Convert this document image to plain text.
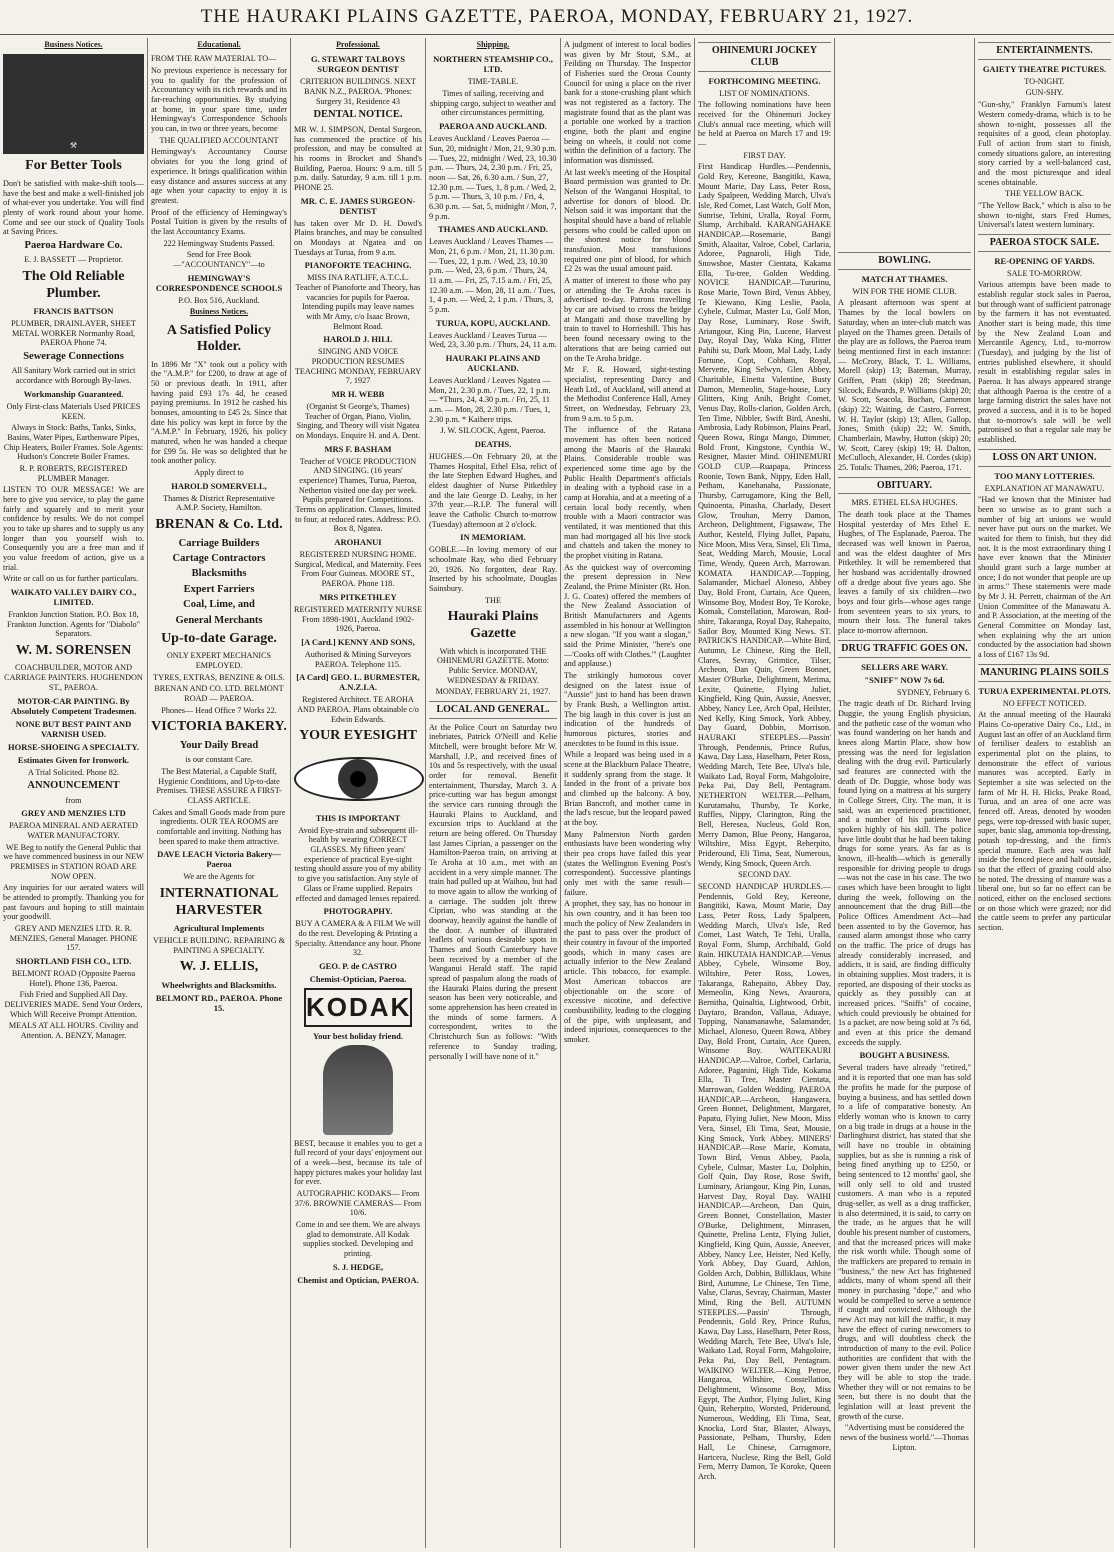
THE HAURAKI PLAINS GAZETTE, PAEROA, MONDAY, FEBRUARY 21, 1927.
Business Notices.
⚒
For Better Tools

Don't be satisfied with make-shift tools—have the best and make a well-finished job of what-ever you undertake. You will find plenty of work round about your home. Come and see our stock of Quality Tools at Saving Prices.

Paeroa Hardware Co.

E. J. BASSETT — Proprietor.

The Old Reliable Plumber.
FRANCIS BATTSON

PLUMBER, DRAINLAYER, SHEET METAL WORKER Normanby Road, PAEROA Phone 74.

Sewerage Connections

All Sanitary Work carried out in strict accordance with Borough By-laws.

Workmanship Guaranteed.

Only First-class Materials Used PRICES KEEN.

Always in Stock: Baths, Tanks, Sinks, Basins, Water Pipes, Earthenware Pipes, Chip Heaters, Boiler Frames. Sole Agents: Hudson's Concrete Boiler Frames.

R. P. ROBERTS, REGISTERED PLUMBER Manager.

LISTEN TO OUR MESSAGE! We are here to give you service, to play the game fairly and squarely and to merit your confidence by results. We do not compel you to take up shares and to supply us any longer than you yourself wish to. Consequently you are a free man and if you value freedom of action, give us a trial.

Write or call on us for further particulars.

WAIKATO VALLEY DAIRY CO., LIMITED.

Frankton Junction Station. P.O. Box 18, Frankton Junction. Agents for "Diabolo" Separators.

W. M. SORENSEN

COACHBUILDER, MOTOR AND CARRIAGE PAINTERS. HUGHENDON ST., PAEROA.

MOTOR-CAR PAINTING. By Absolutely Competent Tradesmen.
NONE BUT BEST PAINT AND VARNISH USED.
HORSE-SHOEING A SPECIALTY.
Estimates Given for Ironwork.

A Trial Solicited. Phone 82.

ANNOUNCEMENT

from

GREY AND MENZIES LTD

PAEROA MINERAL AND AERATED WATER MANUFACTORY.

WE Beg to notify the General Public that we have commenced business in our NEW PREMISES in STATION ROAD ARE NOW OPEN.

Any inquiries for our aerated waters will be attended to promptly. Thanking you for past favours and hoping to still maintain your goodwill.

GREY AND MENZIES LTD. R. R. MENZIES, General Manager. PHONE 157.

SHORTLAND FISH CO., LTD.

BELMONT ROAD (Opposite Paeroa Hotel). Phone 136, Paeroa.

Fish Fried and Supplied All Day. DELIVERIES MADE. Send Your Orders, Which Will Receive Prompt Attention.

MEALS AT ALL HOURS. Civility and Attention. A. BENZY, Manager.

Educational.

FROM THE RAW MATERIAL TO—

No previous experience is necessary for you to qualify for the profession of Accountancy with its rich rewards and its far-reaching opportunities. By studying at home, in your spare time, under Hemingway's Correspondence Schools you can, in two or three years, become

THE QUALIFIED ACCOUNTANT

Hemingway's Accountancy Course obviates for you the long grind of experience. It brings qualification within easy distance and assures success at any age when your capacity to enjoy it is greatest.

Proof of the efficiency of Hemingway's Postal Tuition is given by the results of the last Accountancy Exams.

222 Hemingway Students Passed.

Send for Free Book—"ACCOUNTANCY"—to

HEMINGWAY'S CORRESPONDENCE SCHOOLS

P.O. Box 516, Auckland.

Business Notices.
A Satisfied Policy Holder.

In 1896 Mr "X" took out a policy with the "A.M.P." for £200, to draw at age of 50 or previous death. In 1911, after having paid £93 17s 4d, he ceased paying premiums. In 1912 he cashed his bonuses, amounting to £45 2s. Since that date his policy was kept in force by the "A.M.P." In February, 1926, his policy matured, when he was handed a cheque for £99 5s. He was so delighted that he took another policy.

Apply direct to

HAROLD SOMERVELL,

Thames & District Representative A.M.P. Society, Hamilton.

BRENAN & Co. Ltd.
Carriage Builders
Cartage Contractors
Blacksmiths
Expert Farriers
Coal, Lime, and
General Merchants
Up-to-date Garage.

ONLY EXPERT MECHANICS EMPLOYED.

TYRES, EXTRAS, BENZINE & OILS.

BRENAN AND CO. LTD. BELMONT ROAD — PAEROA.

Phones— Head Office 7 Works 22.

VICTORIA BAKERY.
Your Daily Bread

is our constant Care.

The Best Material, a Capable Staff, Hygienic Conditions, and Up-to-date Premises. THESE ASSURE A FIRST-CLASS ARTICLE.

Cakes and Small Goods made from pure ingredients. OUR TEA ROOMS are comfortable and inviting. Nothing has been spared to make them attractive.

DAVE LEACH Victoria Bakery—Paeroa

We are the Agents for

INTERNATIONAL HARVESTER
Agricultural Implements

VEHICLE BUILDING. REPAIRING & PAINTING A SPECIALTY.

W. J. ELLIS,
Wheelwrights and Blacksmiths.
BELMONT RD., PAEROA. Phone 15.
Professional.
G. STEWART TALBOYS SURGEON DENTIST

CRITERION BUILDINGS. NEXT BANK N.Z., PAEROA. 'Phones: Surgery 31, Residence 43

DENTAL NOTICE.

MR W. J. SIMPSON, Dental Surgeon, has commenced the practice of his profession, and may be consulted at his rooms in Brocket and Shand's Building, Paeroa. Hours: 9 a.m. till 5 p.m. daily. Saturday, 9 a.m. till 1 p.m. PHONE 25.

MR. C. E. JAMES SURGEON-DENTIST

has taken over Mr D. H. Dowd's Plains branches, and may be consulted on Mondays at Ngatea and on Tuesdays at Turua, from 9 a.m.

PIANOFORTE TEACHING.

MISS INA RATLIFF, A.T.C.L. Teacher of Pianoforte and Theory, has vacancies for pupils for Paeroa. Intending pupils may leave names with Mr Amy, c/o Isaac Brown, Belmont Road.

HAROLD J. HILL

SINGING AND VOICE PRODUCTION RESUMES TEACHING MONDAY, FEBRUARY 7, 1927

MR H. WEBB

(Organist St George's, Thames) Teacher of Organ, Piano, Violin, Singing, and Theory will visit Ngatea on Mondays. Enquire H. and A. Dent.

MRS F. BASHAM

Teacher of VOICE PRODUCTION AND SINGING. (16 years' experience) Thames, Turua, Paeroa, Netherton visited one day per week. Pupils prepared for Competitions. Terms on application. Classes, limited to four, at reduced rates. Address: P.O. Box 8, Ngatea.

AROHANUI

REGISTERED NURSING HOME. Surgical, Medical, and Maternity. Fees From Four Guineas. MOORE ST., PAEROA. Phone 118.

MRS PITKETHLEY

REGISTERED MATERNITY NURSE From 1898-1901, Auckland 1902-1926, Paeroa.

[A Card.] KENNY AND SONS,

Authorised & Mining Surveyors PAEROA. Telephone 115.

[A Card] GEO. L. BURMESTER, A.N.Z.I.A.

Registered Architect. TE AROHA AND PAEROA. Plans obtainable c/o Edwin Edwards.

YOUR EYESIGHT
THIS IS IMPORTANT

Avoid Eye-strain and subsequent ill-health by wearing CORRECT GLASSES. My fifteen years' experience of practical Eye-sight testing should assure you of my ability to give you satisfaction. Any style of Glass or Frame supplied. Repairs effected and damaged lenses repaired.

PHOTOGRAPHY.

BUY A CAMERA & A FILM We will do the rest. Developing & Printing a Specialty. Attendance any hour. Phone 32.

GEO. P. de CASTRO
Chemist-Optician, Paeroa.
KODAK
Your best holiday friend.

BEST, because it enables you to get a full record of your days' enjoyment out of a week—best, because its tale of happy pictures makes your holiday last for ever.

AUTOGRAPHIC KODAKS— From 37/6. BROWNIE CAMERAS— From 10/6.

Come in and see them. We are always glad to demonstrate. All Kodak supplies stocked. Developing and printing.

S. J. HEDGE,
Chemist and Optician, PAEROA.
Shipping.
NORTHERN STEAMSHIP CO., LTD.

TIME-TABLE.

Times of sailing, receiving and shipping cargo, subject to weather and other circumstances permitting.

PAEROA AND AUCKLAND.

Leaves Auckland / Leaves Paeroa — Sun, 20, midnight / Mon, 21, 9.30 p.m. — Tues, 22, midnight / Wed, 23, 10.30 p.m. — Thurs, 24, 2.30 p.m. / Fri, 25, noon — Sat, 26, 6.30 a.m. / Sun, 27, 12.30 p.m. — Tues, 1, 8 p.m. / Wed, 2, 5 p.m. — Thurs, 3, 10 p.m. / Fri, 4, 6.30 p.m. — Sat, 5, midnight / Mon, 7, 9 p.m.

THAMES AND AUCKLAND.

Leaves Auckland / Leaves Thames — Mon, 21, 6 p.m. / Mon, 21, 11.30 p.m. — Tues, 22, 1 p.m. / Wed, 23, 10.30 p.m. — Wed, 23, 6 p.m. / Thurs, 24, 11 a.m. — Fri, 25, 7.15 a.m. / Fri, 25, 12.30 a.m. — Mon, 28, 11 a.m. / Tues, 1, 4 p.m. — Wed, 2, 1 p.m. / Thurs, 3, 5 p.m.

TURUA, KOPU, AUCKLAND.

Leaves Auckland / Leaves Turua — Wed, 23, 3.30 p.m. / Thurs, 24, 11 a.m.

HAURAKI PLAINS AND AUCKLAND.

Leaves Auckland / Leaves Ngatea — Mon, 21, 2.30 p.m. / Tues, 22, 1 p.m. — *Thurs, 24, 4.30 p.m. / Fri, 25, 11 a.m. — Mon, 28, 2.30 p.m. / Tues, 1, 2.30 p.m. * Kaihere trips.

J. W. SILCOCK, Agent, Paeroa.

DEATHS.

HUGHES.—On February 20, at the Thames Hospital, Ethel Elsa, relict of the late Stephen Edward Hughes, and eldest daughter of Nurse Pitkethley and the late George D. Leahy, in her 37th year.—R.I.P. The funeral will leave the Catholic Church to-morrow (Tuesday) afternoon at 2 o'clock.

IN MEMORIAM.

GOBLE.—In loving memory of our schoolmate Ray, who died February 20, 1926. No forgotten, dear Ray. Inserted by his schoolmate, Douglas Sainsbury.

THE

Hauraki Plains Gazette

With which is incorporated THE OHINEMURI GAZETTE. Motto: Public Service. MONDAY, WEDNESDAY & FRIDAY.

MONDAY, FEBRUARY 21, 1927.

LOCAL AND GENERAL.

At the Police Court on Saturday two inebriates, Patrick O'Neill and Kelie Mitchell, were brought before Mr W. Marshall, J.P., and received fines of 10s and 5s respectively, with the usual order for removal. Benefit entertainment, Thursday, March 3. A price-cutting war has begun amongst the service cars running through the Hauraki Plains to Auckland, and excursion trips to Auckland at the return are being offered. On Thursday last James Ciprian, a passenger on the Hamilton-Paeroa train, on arriving at Te Aroha at 10 a.m., met with an accident in a very simple manner. The train had pulled up at Waihou, but had to move again to allow the working of a carriage. The sudden jolt threw Ciprian, who was standing at the doorway, heavily against the handle of the door. A number of illustrated leaflets of various desirable spots in Thames and South Canterbury have been received by a member of the Wanganui Herald staff. The rapid spread of paspalum along the roads of the Hauraki Plains during the present season has been very noticeable, and some apprehension has been created in the minds of some farmers. A correspondent, writes to the Christchurch Sun as follows: "With reference to Sunday trading, personally I will have none of it."

A judgment of interest to local bodies was given by Mr Stout, S.M., at Feilding on Thursday. The Inspector of Fisheries sued the Oroua County Council for using a place on the river bank for a stone-crushing plant which was not registered as a factory. The magistrate found that as the plant was a portable one worked by a traction engine, both the plant and engine being on wheels, it could not come within the definition of a factory. The information was dismissed.

At last week's meeting of the Hospital Board permission was granted to Dr. Nelson of the Wanganui Hospital, to advertise for donors of blood. Dr. Nelson said it was important that the hospital should have a band of reliable persons who could be called upon on the shortest notice for blood transfusion. Most transfusions required one pint of blood, for which £2 2s was the usual amount paid.

A matter of interest to those who pay or attending the Te Aroha races is advertised to-day. Patrons travelling by car are advised to cross the bridge at Mangaiti and those travelling by train to travel to Horrieshill. This has been found necessary owing to the alterations that are being carried out on the Te Aroha bridge.

Mr F. R. Howard, sight-testing specialist, representing Darcy and Heath Ltd., of Auckland, will attend at the Methodist Conference Hall, Arney Street, on Wednesday, February 23, from 9 a.m. to 5 p.m.

The influence of the Ratana movement has often been noticed among the Maoris of the Hauraki Plains. Considerable trouble was experienced some time ago by the Public Health Department's officials in dealing with a typhoid case in a camp at Horahia, and at a meeting of a certain local body recently, when trouble with a Maori contractor was ventilated, it was mentioned that this man had mortgaged all his live stock and chattels and taken the money to the prophet visiting in Ratana.

As the quickest way of overcoming the present depression in New Zealand, the Prime Minister (Rt. Hon. J. G. Coates) offered the members of the New Zealand Association of British Manufacturers and Agents assembled in his honour at Wellington a new slogan. "If you want a slogan," said the Prime Minister, "here's one—'Cooks off with Clothes.'" (Laughter and applause.)

The strikingly humorous cover designed on the latest issue of "Aussie" just to hand has been drawn by Frank Bush, a Wellington artist. The big laugh in this cover is just an indication of the hundreds of humorous pictures, stories and anecdotes to be found in this issue.

While a leopard was being used in a scene at the Blackburn Palace Theatre, it suddenly sprang from the stage. It landed in the front of a private box and climbed up the balcony. A boy, Brian Bancroft, and mother came in the lad's rescue, but the leopard pawed at the boy.

Many Palmerston North garden enthusiasts have been wondering why their pea crops have failed this year (states the Wellington Evening Post's correspondent). Successive plantings only met with the same result—failure.

A prophet, they say, has no honour in his own country, and it has been too much the policy of New Zealanders in the past to pass over the product of their country in favour of the imported goods, which in many cases are actually inferior to the New Zealand article. This tobacco, for example. Most American tobaccos are objectionable on the score of excessive nicotine, and defective combustibility, leading to the clogging of the pipe, with unpleasant, and indeed injurious, consequences to the smoker.

OHINEMURI JOCKEY CLUB
FORTHCOMING MEETING.

LIST OF NOMINATIONS.

The following nominations have been received for the Ohinemuri Jockey Club's annual race meeting, which will be held at Paeroa on March 17 and 19:—

FIRST DAY.

First Handicap Hurdles.—Pendennis, Gold Rey, Kereone, Bangitiki, Kawa, Mount Marie, Day Lass, Peter Ross, Lady Spalpeen, Wedding March, Ulva's Isle, Red Comet, Last Watch, Golf Mon, Sunrise, Tehini, Uralla, Royal Form, Slump, Archibald. KARANGAHAKE HANDICAP.—Rosemarie, Bangi Smith, Alaaitar, Valroe, Cobel, Carlaria, Adoree, Pagnaroli, High Tide, Snowshoe, Master Cientata, Kakama Ella, Tu-tree, Golden Wedding. NOVICE HANDICAP.—Tururinu, Rose Marie, Town Bird, Venus Abbey, Te Kiewano, King Leslie, Paola, Cybele, Culmar, Master Lu, Golf Mon, Day Rose, Luminary, Rose Swift, Ariangour, King Pin, Lucene, Harvest Day, Royal Day, Waka King, Flitter Pahihi su, Dark Moon, Mal Lady, Lady Fortune, Copt, Cobham, Royal, Mervette, King Selwyn, Glen Abbey, Charitable, Einetta Valentine, Busty Damon, Memeolin, Stage-house, Lucy Glitters, King Anih, Bright Comet, Venus Day, Rolls-clarion, Golden Arch, Ten Time, Nibbler, Swift Bird, Aneshi, Ambrosia, Lady Robinson, Plains Pearl, Queen Rowa, Ringa Mango, Dimmer, Bold Front, Kingstone, Cynthia W., Resigner, Master Mind. OHINEMURI GOLD CUP.—Ruapapa, Princess Roonie, Town Bank, Nippy, Eden Hall, Petham, Kanehanaha, Passionate, Thursby, Carrugamore, King the Bell, Quinoenta, Pinasha, Charlady, Desert Glow, Trouhan, Merry Damon, Archeon, Delightment, Figsawaw, The Author, Kesteld, Flying Jullet, Papatu, Nice Moon, Miss Vera, Sinsel, Eli Tima, Seat, Wedding March, Mousie, Local Time, Wendy, Queen Arch, Marrowan. KOMATA HANDICAP.—Topping, Salamander, Michael Aloneso, Abbey Day, Bold Front, Curtain, Ace Queen, Winsome Boy, Modest Boy, Te Koroke, Komak, Constellation, Marowan, Rod-shire, Takaranga, Royal Day, Rahepaito, Sailor Boy, Mounted King News. ST. PATRICK'S HANDICAP.—White Bird, Autumn, Le Chinese, Ring the Bell, Clares, Sevray, Grimtice, Tilser, Archeon, Dan Quin, Green Bonnet, Master O'Burke, Delightment, Merima, Lexite, Quinette, Flying Juliet, Kingfield, King Quin, Aussie, Anesver, Abbey, Nancy Lee, Arch Opal, Heilster, Ned Kelly, King Smock, York Abbey, Day Guard, Dobbin, Morrison. HAURAKI STEEPLES.—Passin' Through, Pendennis, Prince Rufus, Kawa, Day Lass, Haselharn, Peter Ross, Wedding March, Tete Bee, Ulva's Isle, Waikato Lad, Royal Form, Mahgoloire, Peka Pai, Day Bell, Pentagram. NETHERTON WELTER.—Pelham, Kurutamahu, Thursby, Te Korke, Ruffles, Nippy, Clarington, Ring the Bell, Heresea, Nucleus, Gold Ron, Merry Damon, Blue Peony, Hangaroa, Wiltshire, Miss Egypt, Reherpito, Prideround, Eli Tima, Seat, Numerous, Wendy, King Smock, Queen Arch.

SECOND DAY.

SECOND HANDICAP HURDLES.—Pendennis, Gold Rey, Kereone, Bangitiki, Kawa, Mount Marie, Day Lass, Peter Ross, Lady Spalpeen, Wedding March, Ulva's Isle, Red Comet, Last Watch, Te Tehi, Uralla, Royal Form, Slump, Archibald, Gold Rain. HIKUTAIA HANDICAP.—Venus Abbey, Cybele, Winsome Boy, Wiltshire, Peter Ross, Lowes, Takaranga, Rahepaito, Abbey Day, Memeolin, King News, Avaurora, Bernitha, Quinaltia, Lightwood, Orbit, Daytaro, Brandon, Vallaua, Aduaye, Topping, Nanamanawhe, Salamander, Michael, Aloneso, Queen Rowa, Abbey Day, Bold Front, Curtain, Ace Queen, Winsome Boy. WAITEKAURI HANDICAP.—Valroe, Corbel, Carlaria, Adoree, Paganini, High Tide, Kokama Ella, Ti Tree, Master Cientata, Marrowan, Golden Wedding. PAEROA HANDICAP.—Archeon, Hangawera, Green Bonnet, Delightment, Margaret, Papatu, Flying Juliet, New Moon, Miss Vera, Sinsel, Eli Tima, Seat, Mousie, King Smock, York Abbey. MINERS' HANDICAP.—Rose Marie, Komata, Town Bird, Venus Abbey, Paola, Cybele, Culmar, Master Lu, Dolphin, Golf Quin, Day Rose, Rose Swift, Luminary, Ariangour, King Pin, Lunas, Harvest Day, Royal Day. WAIHI HANDICAP.—Archeon, Dan Quin, Green Bonnet, Constellation, Master O'Burke, Delightment, Minrasen, Quinette, Prelina Lentz, Flying Juliet, Kingfield, King Quin, Aussie, Aneever, Abbey, Nancy Lee, Heister, Ned Kelly, York Abbey, Day Guard, Athlon, Golden Arch, Dobbin, Billiklaus, White Bird, Autumne, Le Chinese, Ten Time, Valse, Clarus, Sevray, Chairman, Master Mind, Ring the Bell. AUTUMN STEEPLES.—Passin' Through, Pendennis, Gold Rey, Prince Rufus, Kawa, Day Lass, Haselharn, Peter Ross, Wedding March, Tete Bee, Ulva's Isle, Waikato Lad, Royal Form, Mahgoloire, Peka Pai, Day Bell, Pentagram. WAIKINO WELTER.—King Petroe, Hangaroa, Wiltshire, Constellation, Delightment, Winsome Boy, Miss Egypt, The Author, Flying Juliet, King Quin, Reherpito, Worsted, Prideround, Numerous, Wedding, Eli Tima, Seat, Knocka, Lord Star, Blaster, Always, Passionate, Pelham, Thursby, Eden Hall, Le Chinese, Carrugmore, Hartcera, Nuclese, Ring the Bell, Gold Fern, Merry Damon, Te Koroke, Queen Arch.

BOWLING.
MATCH AT THAMES.

WIN FOR THE HOME CLUB.

A pleasant afternoon was spent at Thames by the local bowlers on Saturday, when an inter-club match was played on the Thames green. Details of the play are as follows, the Paeroa team being mentioned first in each instance:— McCrory, Black, T. L. Williams, Morell (skip) 13; Bateman, Murray, Griffen, Pratt (skip) 28; Steedman, Silcock, Edwards, P. Williams (skip) 20; W. Scott, Seacola, Buchan, Camenon (skip) 22; Waiting, de Castro, Forrest, W. H. Taylor (skip) 13; Allen, Gallop, Jones, Smith (skip) 22; W. Smith, Chamberlain, Mawby, Hutton (skip) 20; W. Scott, Carey (skip) 19; H. Dalton, McCulloch, Alexander, H. Cordes (skip) 25. Totals: Thames, 206; Paeroa, 171.

OBITUARY.

MRS. ETHEL ELSA HUGHES.

The death took place at the Thames Hospital yesterday of Mrs Ethel E. Hughes, of The Esplanade, Paeroa. The deceased was well known in Paeroa, and was the eldest daughter of Mrs Pitkethley. It will be remembered that her husband was accidentally drowned off a dredge about five years ago. She leaves a family of six children—two boys and four girls—whose ages range from seventeen years to six years, to mourn their loss. The funeral takes place to-morrow afternoon.

DRUG TRAFFIC GOES ON.
SELLERS ARE WARY.
"SNIFF" NOW 7s 6d.

SYDNEY, February 6.

The tragic death of Dr. Richard Irving Duggie, the young English physician, and the pathetic case of the woman who was found wandering on her hands and knees along Martin Place, show how pressing was the need for legislation dealing with the drug evil. Particularly sad features are connected with the death of Dr. Duggie, whose body was found lying on a mattress at his surgery in College Street, City. The man, it is said, was an experienced practitioner, and a number of his patients have spoken highly of his skill. The police have little doubt that he had been taking drugs for some years. As far as is known, ill-health—which is generally responsible for driving people to drugs—was not the case in his case. The two cases which have been brought to light during the week, following on the announcement that the drug Bill—the Police Offices Amendment Act—had been assented to by the Governor, has caused alarm amongst those who carry on the traffic. The price of drugs has already considerably increased, and addicts, it is said, are finding difficulty in obtaining supplies. Most traders, it is reported, are disposing of their stocks as quickly as they possibly can at increased prices. "Sniffs" of cocaine, which could previously be obtained for 1s a packet, are now being sold at 7s 6d, and even at this price the demand exceeds the supply.

BOUGHT A BUSINESS.

Several traders have already "retired," and it is reported that one man has sold the profits he made for the purpose of buying a business, and has settled down to a life of comparative honesty. An elderly woman who is known to carry on a big trade in drugs at a house in the Darlinghurst district, has stated that she will have no trouble in obtaining supplies, but as she is running a risk of being fined anything up to £250, or being sentenced to 12 months' gaol, she will only sell to old and trusted customers. A man who is a reputed drug-seller, as well as a drug trafficker, is also determined, it is said, to carry on the trade, as he argues that he will double his present number of customers, and that the increased prices will make the risk worth while. Though some of the traffickers are prepared to remain in "business," the new Act has frightened addicts, many of whom spend all their money in purchasing "dope," and who would be compelled to serve a sentence if caught and convicted. Although the new Act may not kill the traffic, it may have the effect of curing newcomers to drugs, and will doubtless check the introduction of many to the evil. Police authorities are confident that with the power given them under the new Act they will be able to stop the trade. Whether they will or not remains to be seen, but there is no doubt that the legislation will at least prevent the growth of the curse.

"Advertising must be considered the news of the business world."—Thomas Lipton.

ENTERTAINMENTS.
GAIETY THEATRE PICTURES.

TO-NIGHT.

GUN-SHY.

"Gun-shy," Franklyn Farnum's latest Western comedy-drama, which is to be shown to-night, possesses all the requisites of a good, clean photoplay. Full of action from start to finish, comedy situations galore, an interesting story carried by a well-balanced cast, and the most picturesque and ideal scenes obtainable.

THE YELLOW BACK.

"The Yellow Back," which is also to be shown to-night, stars Fred Humes, Universal's latest western luminary.

PAEROA STOCK SALE.
RE-OPENING OF YARDS.

SALE TO-MORROW.

Various attempts have been made to establish regular stock sales in Paeroa, but through want of sufficient patronage by the farmers it has not eventuated. Another start is being made, this time by the New Zealand Loan and Mercantile Agency, Ltd., to-morrow (Tuesday), and judging by the list of entries published elsewhere, it should result in establishing regular sales in Paeroa. It has always appeared strange that although Paeroa is the centre of a large farming district the sales have not proved a success, and it is to be hoped that to-morrow's sale will be well patronised so that a regular sale may be established.

LOSS ON ART UNION.
TOO MANY LOTTERIES.

EXPLANATION AT MANAWATU.

"Had we known that the Minister had been so unwise as to grant such a number of big art unions we would never have put ours on the market. We waited for them to finish, but they did not. It is the most extraordinary thing I have ever known that the Minister should grant such a large number at once; I do not wonder that people are up in arms." These statements were made by Mr J. H. Perrett, chairman of the Art Union Committee of the Manawatu A. and P. Association, at the meeting of the General Committee on Monday last, when explaining why the art union conducted by the association had shown a loss of £167 13s 9d.

MANURING PLAINS SOILS
TURUA EXPERIMENTAL PLOTS.

NO EFFECT NOTICED.

At the annual meeting of the Hauraki Plains Co-operative Dairy Co., Ltd., in August last an offer of an Auckland firm of fertiliser dealers to establish an experimental plot on the plains, to demonstrate the effect of various manures was accepted. Early in September a site was selected on the farm of Mr H. H. Hicks, Peake Road, Turua, and an area of one acre was fenced off. Areas, denoted by wooden pegs, were top-dressed with basic super, super, basic slag, ammonia top-dressing, potash top-dressing, and the firm's special manure. Each area was half inside the fenced piece and half outside, so that the effect of grazing could also be noted. The dressing of manure was a liberal one, but so far no effect can be noticed, either on the enclosed sections or on those which were grazed; nor did the cattle seem to prefer any particular section.
